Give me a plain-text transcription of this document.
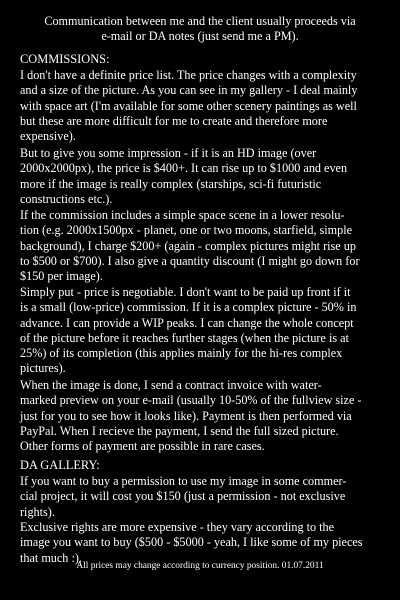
Communication between me and the client usually proceeds via
e-mail or DA notes (just send me a PM).
COMMISSIONS:
I don't have a definite price list. The price changes with a complexity
and a size of the picture. As you can see in my gallery - I deal mainly
with space art (I'm available for some other scenery paintings as well
but these are more difficult for me to create and therefore more
expensive).
But to give you some impression - if it is an HD image (over
2000x2000px), the price is $400+. It can rise up to $1000 and even
more if the image is really complex (starships, sci-fi futuristic
constructions etc.).
If the commission includes a simple space scene in a lower resolu-
tion (e.g. 2000x1500px - planet, one or two moons, starfield, simple
background), I charge $200+ (again - complex pictures might rise up
to $500 or $700). I also give a quantity discount (I might go down for
$150 per image).
Simply put - price is negotiable. I don't want to be paid up front if it
is a small (low-price) commission. If it is a complex picture - 50% in
advance. I can provide a WIP peaks. I can change the whole concept
of the picture before it reaches further stages (when the picture is at
25%) of its completion (this applies mainly for the hi-res complex
pictures).
When the image is done, I send a contract invoice with water-
marked preview on your e-mail (usually 10-50% of the fullview size -
just for you to see how it looks like). Payment is then performed via
PayPal. When I recieve the payment, I send the full sized picture.
Other forms of payment are possible in rare cases.
DA GALLERY:
If you want to buy a permission to use my image in some commer-
cial project, it will cost you $150 (just a permission - not exclusive
rights).
Exclusive rights are more expensive - they vary according to the
image you want to buy ($500 - $5000 - yeah, I like some of my pieces
that much :).
All prices may change according to currency position. 01.07.2011
